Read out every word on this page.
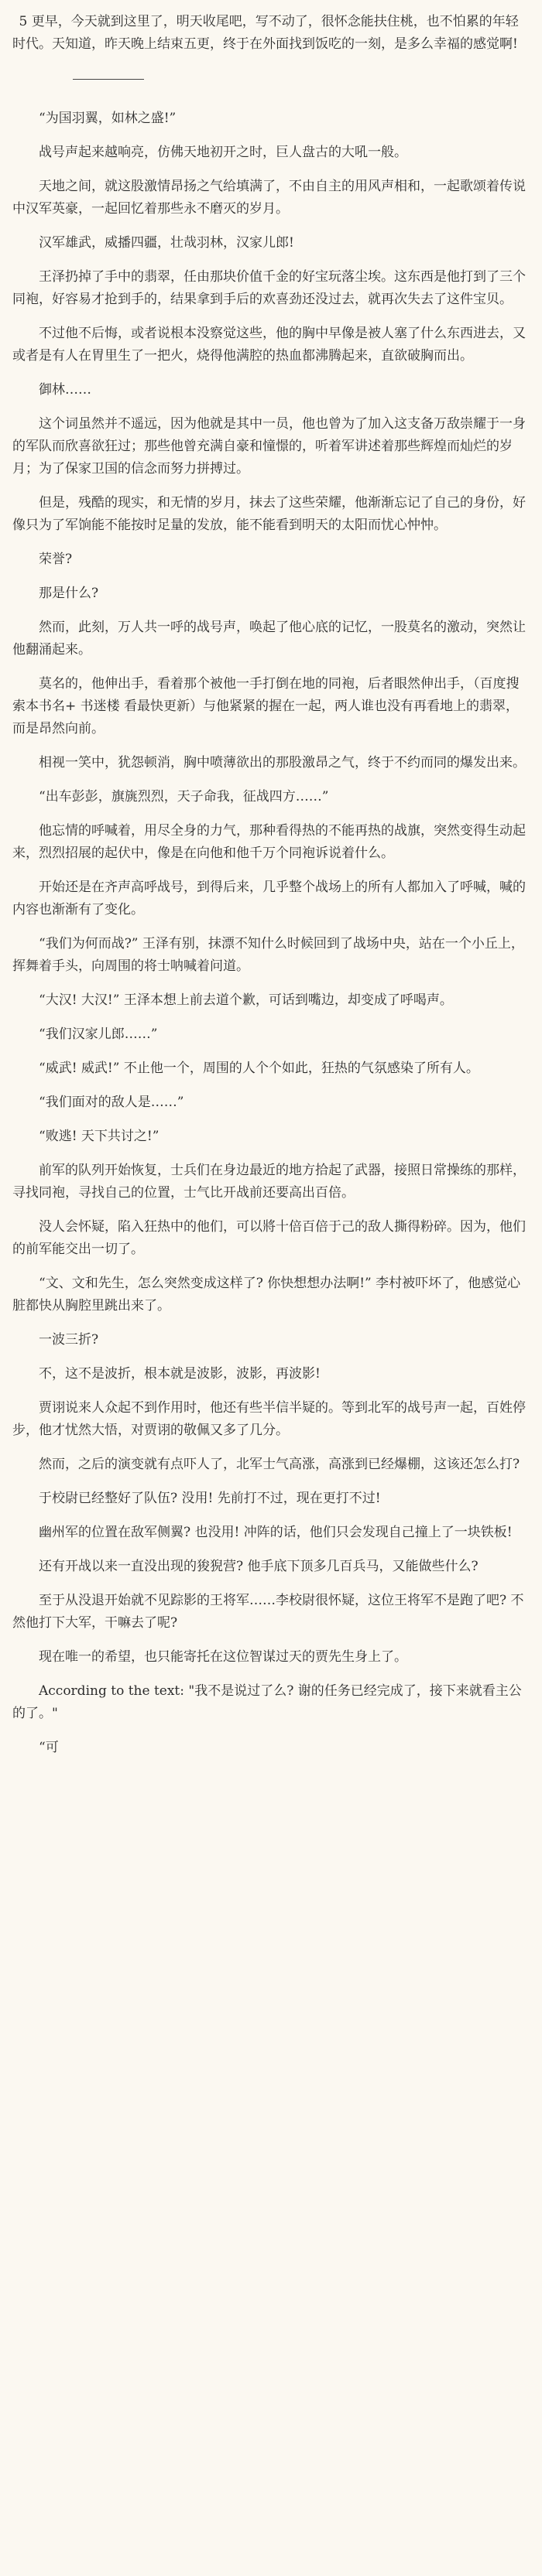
5 更早，今天就到这里了，明天收尾吧，写不动了，很怀念能扶住桃，也不怕累的年轻时代。天知道，昨天晚上结束五更，终于在外面找到饭吃的一刻，是多么幸福的感觉啊!

“为国羽翼，如林之盛!”

战号声起来越响亮，仿佛天地初开之时，巨人盘古的大吼一般。

天地之间，就这股激情昂扬之气给填满了，不由自主的用风声相和，一起歌颂着传说中汉军英豪，一起回忆着那些永不磨灭的岁月。

汉军雄武，威播四疆，壮哉羽林，汉家儿郎!

王泽扔掉了手中的翡翠，任由那块价值千金的好宝玩落尘埃。这东西是他打到了三个同袍，好容易才抢到手的，结果拿到手后的欢喜劲还没过去，就再次失去了这件宝贝。

不过他不后悔，或者说根本没察觉这些，他的胸中早像是被人塞了什么东西进去，又或者是有人在胃里生了一把火，烧得他满腔的热血都沸腾起来，直欲破胸而出。

御林……

这个词虽然并不遥远，因为他就是其中一员，他也曾为了加入这支备万敌崇耀于一身的军队而欣喜欲狂过；那些他曾充满自豪和憧憬的，听着军讲述着那些辉煌而灿烂的岁月；为了保家卫国的信念而努力拼搏过。

但是，残酷的现实，和无情的岁月，抹去了这些荣耀，他渐渐忘记了自己的身份，好像只为了军饷能不能按时足量的发放，能不能看到明天的太阳而忧心忡忡。

荣誉?

那是什么?

然而，此刻，万人共一呼的战号声，唤起了他心底的记忆，一股莫名的激动，突然让他翻涌起来。

莫名的，他伸出手，看着那个被他一手打倒在地的同袍，后者眼然伸出手，（百度搜索本书名+ 书迷楼 看最快更新）与他紧紧的握在一起，两人谁也没有再看地上的翡翠，而是昂然向前。

相视一笑中，犹怨顿消，胸中喷薄欲出的那股激昂之气，终于不约而同的爆发出来。

“出车彭彭，旗旐烈烈，天子命我，征战四方……”

他忘情的呼喊着，用尽全身的力气，那种看得热的不能再热的战旗，突然变得生动起来，烈烈招展的起伏中，像是在向他和他千万个同袍诉说着什么。

开始还是在齐声高呼战号，到得后来，几乎整个战场上的所有人都加入了呼喊，喊的内容也渐渐有了变化。

“我们为何而战?” 王泽有别，抹漂不知什么时候回到了战场中央，站在一个小丘上，挥舞着手头，向周围的将士呐喊着问道。

“大汉! 大汉!” 王泽本想上前去道个歉，可话到嘴边，却变成了呼喝声。

“我们汉家儿郎……”

“威武! 威武!” 不止他一个，周围的人个个如此，狂热的气氛感染了所有人。

“我们面对的敌人是……”

“败逃! 天下共讨之!”

前军的队列开始恢复，士兵们在身边最近的地方拾起了武器，接照日常操练的那样，寻找同袍，寻找自己的位置，士气比开战前还要高出百倍。

没人会怀疑，陷入狂热中的他们，可以將十倍百倍于己的敌人撕得粉碎。因为，他们的前军能交出一切了。

“文、文和先生，怎么突然变成这样了? 你快想想办法啊!” 李村被吓坏了，他感觉心脏都快从胸腔里跳出来了。

一波三折?

不，这不是波折，根本就是波影，波影，再波影!

贾诩说来人众起不到作用时，他还有些半信半疑的。等到北军的战号声一起，百姓停步，他才忧然大悟，对贾诩的敬佩又多了几分。

然而，之后的演变就有点吓人了，北军士气高涨，高涨到已经爆棚，这该还怎么打?

于校尉已经整好了队伍? 没用! 先前打不过，现在更打不过!

幽州军的位置在敌军侧翼? 也没用! 冲阵的话，他们只会发现自己撞上了一块铁板!

还有开战以来一直没出现的狻猊营? 他手底下顶多几百兵马，又能做些什么?

至于从没退开始就不见踪影的王将军……李校尉很怀疑，这位王将军不是跑了吧? 不然他打下大军，干嘛去了呢?

现在唯一的希望，也只能寄托在这位智谋过天的贾先生身上了。

According to the text: "我不是说过了么? 谢的任务已经完成了，接下来就看主公的了。"

“可
